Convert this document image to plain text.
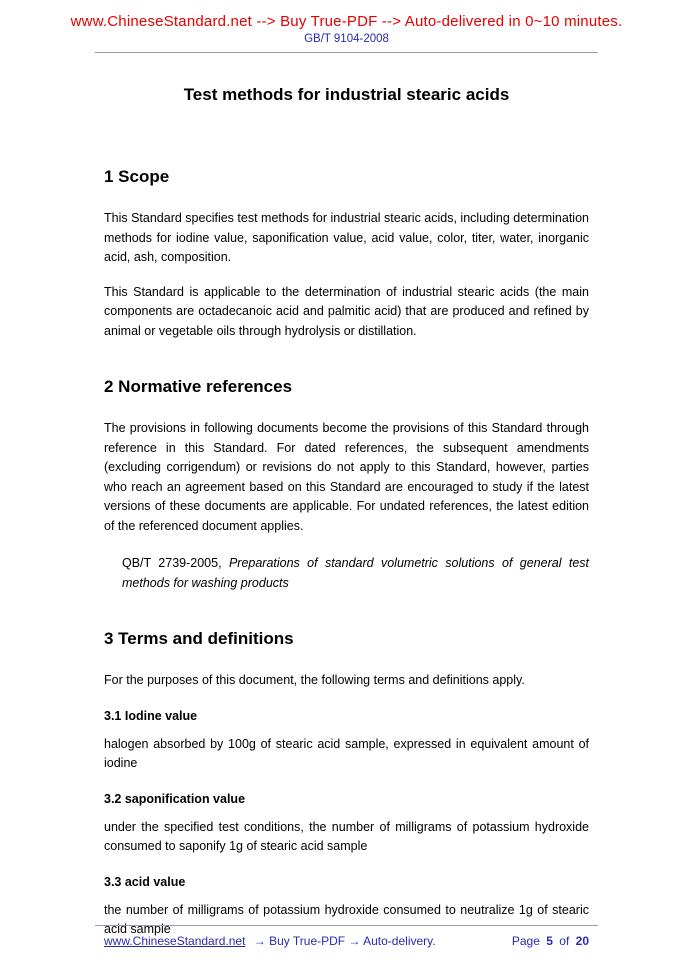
www.ChineseStandard.net --> Buy True-PDF --> Auto-delivered in 0~10 minutes.
GB/T 9104-2008
Test methods for industrial stearic acids
1 Scope

This Standard specifies test methods for industrial stearic acids, including determination methods for iodine value, saponification value, acid value, color, titer, water, inorganic acid, ash, composition.

This Standard is applicable to the determination of industrial stearic acids (the main components are octadecanoic acid and palmitic acid) that are produced and refined by animal or vegetable oils through hydrolysis or distillation.

2 Normative references

The provisions in following documents become the provisions of this Standard through reference in this Standard. For dated references, the subsequent amendments (excluding corrigendum) or revisions do not apply to this Standard, however, parties who reach an agreement based on this Standard are encouraged to study if the latest versions of these documents are applicable. For undated references, the latest edition of the referenced document applies.

QB/T 2739-2005, Preparations of standard volumetric solutions of general test methods for washing products
3 Terms and definitions

For the purposes of this document, the following terms and definitions apply.

3.1 Iodine value

halogen absorbed by 100g of stearic acid sample, expressed in equivalent amount of iodine

3.2 saponification value

under the specified test conditions, the number of milligrams of potassium hydroxide consumed to saponify 1g of stearic acid sample

3.3 acid value

the number of milligrams of potassium hydroxide consumed to neutralize 1g of stearic acid sample

www.ChineseStandard.net → Buy True-PDF → Auto-delivery.	Page 5 of 20
